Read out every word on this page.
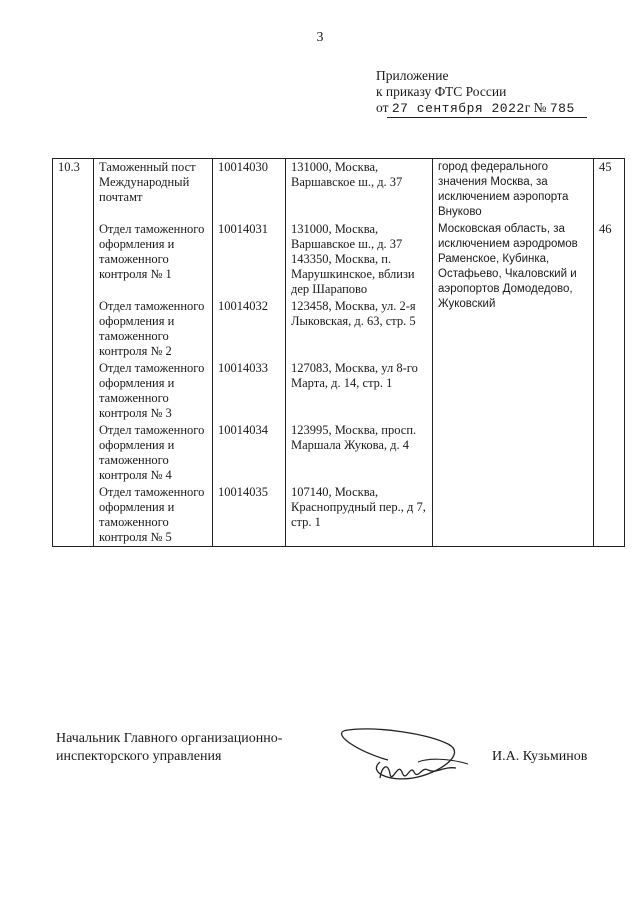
3
Приложение
к приказу ФТС России
от 27 сентября 2022г № 785
10.3	Таможенный пост Международный почтамт	10014030	131000, Москва, Варшавское ш., д. 37	город федерального значения Москва, за исключением аэропорта Внуково	45
	Отдел таможенного оформления и таможенного контроля № 1	10014031	131000, Москва, Варшавское ш., д. 37 143350, Москва, п. Марушкинское, вблизи дер Шарапово	Московская область, за исключением аэродромов Раменское, Кубинка, Остафьево, Чкаловский и аэропортов Домодедово, Жуковский	46
	Отдел таможенного оформления и таможенного контроля № 2	10014032	123458, Москва, ул. 2-я Лыковская, д. 63, стр. 5		
	Отдел таможенного оформления и таможенного контроля № 3	10014033	127083, Москва, ул 8-го Марта, д. 14, стр. 1		
	Отдел таможенного оформления и таможенного контроля № 4	10014034	123995, Москва, просп. Маршала Жукова, д. 4		
	Отдел таможенного оформления и таможенного контроля № 5	10014035	107140, Москва, Краснопрудный пер., д 7, стр. 1		
Начальник Главного организационно-
инспекторского управления	И.А. Кузьминов
